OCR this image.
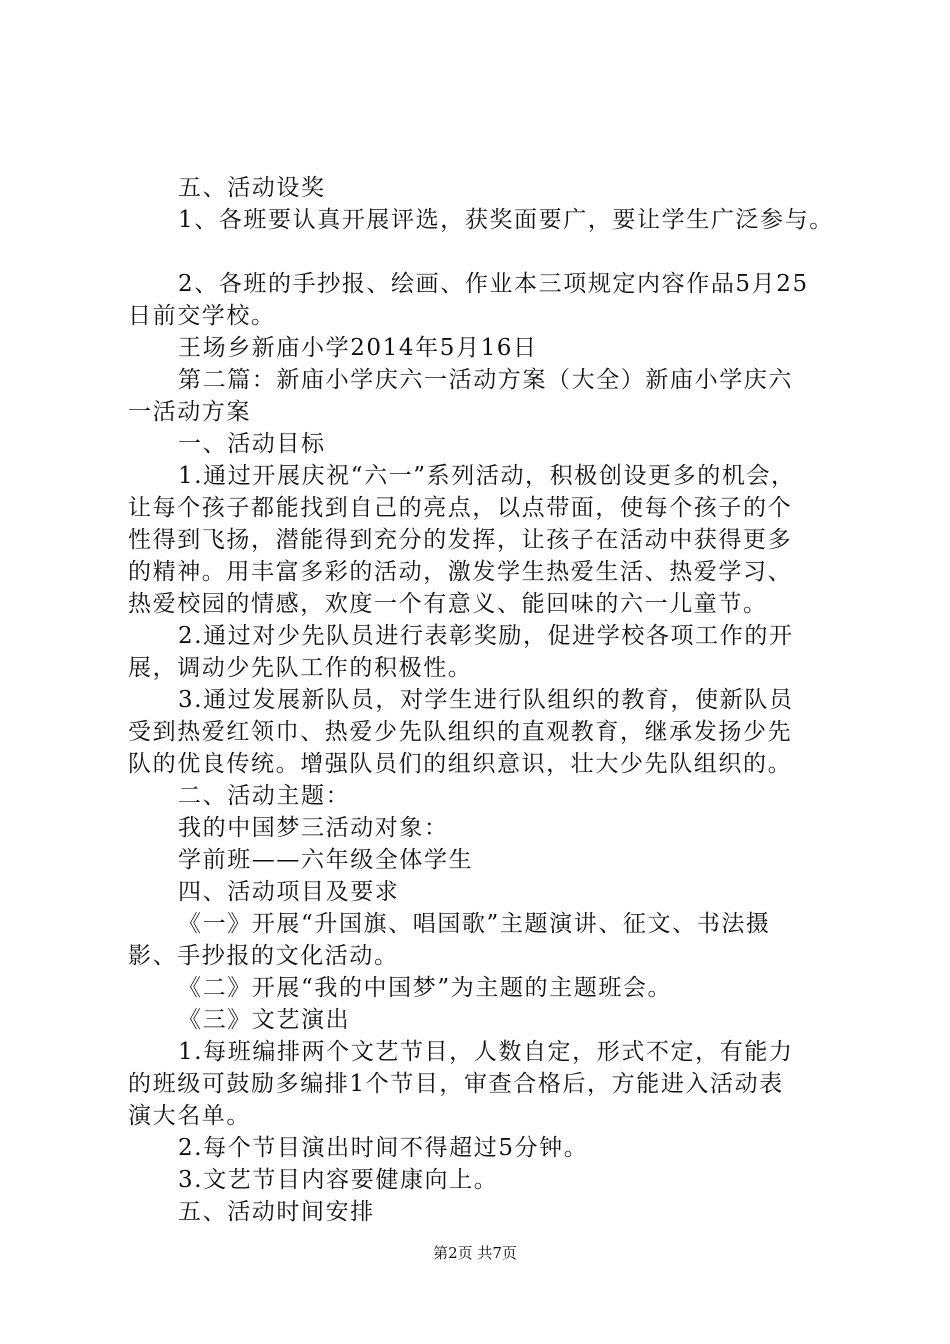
五、活动设奖
1、各班要认真开展评选，获奖面要广，要让学生广泛参与。
2、各班的手抄报、绘画、作业本三项规定内容作品5月25
日前交学校。
王场乡新庙小学2014年5月16日
第二篇：新庙小学庆六一活动方案（大全）新庙小学庆六
一活动方案
一、活动目标
1.通过开展庆祝“六一”系列活动，积极创设更多的机会，
让每个孩子都能找到自己的亮点，以点带面，使每个孩子的个
性得到飞扬，潜能得到充分的发挥，让孩子在活动中获得更多
的精神。用丰富多彩的活动，激发学生热爱生活、热爱学习、
热爱校园的情感，欢度一个有意义、能回味的六一儿童节。
2.通过对少先队员进行表彰奖励，促进学校各项工作的开
展，调动少先队工作的积极性。
3.通过发展新队员，对学生进行队组织的教育，使新队员
受到热爱红领巾、热爱少先队组织的直观教育，继承发扬少先
队的优良传统。增强队员们的组织意识，壮大少先队组织的。
二、活动主题：
我的中国梦三活动对象：
学前班——六年级全体学生
四、活动项目及要求
《一》开展“升国旗、唱国歌”主题演讲、征文、书法摄
影、手抄报的文化活动。
《二》开展“我的中国梦”为主题的主题班会。
《三》文艺演出
1.每班编排两个文艺节目，人数自定，形式不定，有能力
的班级可鼓励多编排1个节目，审查合格后，方能进入活动表
演大名单。
2.每个节目演出时间不得超过5分钟。
3.文艺节目内容要健康向上。
五、活动时间安排
第2页 共7页
